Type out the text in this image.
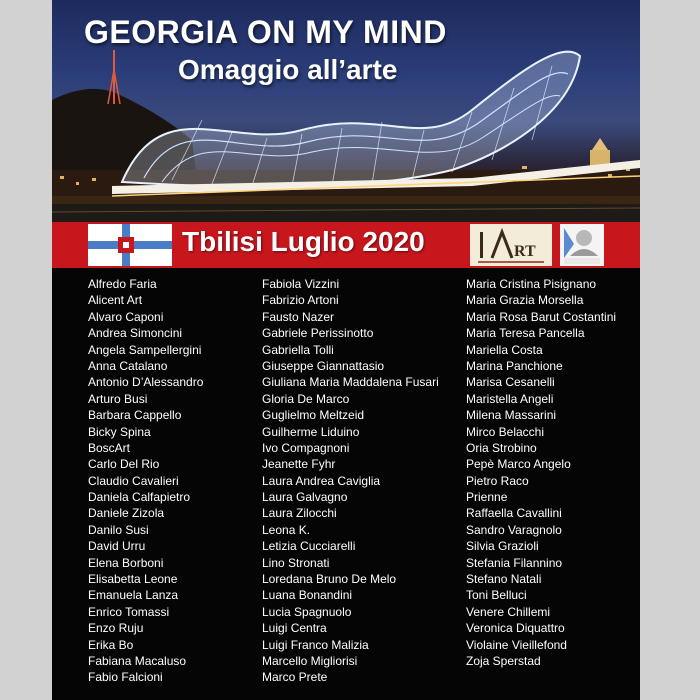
GEORGIA ON MY MIND
Omaggio all’arte
Tbilisi Luglio 2020	RT
Alfredo Faria
Alicent Art
Alvaro Caponi
Andrea Simoncini
Angela Sampellergini
Anna Catalano
Antonio D’Alessandro
Arturo Busi
Barbara Cappello
Bicky Spina
BoscArt
Carlo Del Rio
Claudio Cavalieri
Daniela Calfapietro
Daniele Zizola
Danilo Susi
David Urru
Elena Borboni
Elisabetta Leone
Emanuela Lanza
Enrico Tomassi
Enzo Ruju
Erika Bo
Fabiana Macaluso
Fabio Falcioni
Fabiola Vizzini
Fabrizio Artoni
Fausto Nazer
Gabriele Perissinotto
Gabriella Tolli
Giuseppe Giannattasio
Giuliana Maria Maddalena Fusari
Gloria De Marco
Guglielmo Meltzeid
Guilherme Liduino
Ivo Compagnoni
Jeanette Fyhr
Laura Andrea Caviglia
Laura Galvagno
Laura Zilocchi
Leona K.
Letizia Cucciarelli
Lino Stronati
Loredana Bruno De Melo
Luana Bonandini
Lucia Spagnuolo
Luigi Centra
Luigi Franco Malizia
Marcello Migliorisi
Marco Prete
Maria Cristina Pisignano
Maria Grazia Morsella
Maria Rosa Barut Costantini
Maria Teresa Pancella
Mariella Costa
Marina Panchione
Marisa Cesanelli
Maristella Angeli
Milena Massarini
Mirco Belacchi
Oria Strobino
Pepè Marco Angelo
Pietro Raco
Prienne
Raffaella Cavallini
Sandro Varagnolo
Silvia Grazioli
Stefania Filannino
Stefano Natali
Toni Belluci
Venere Chillemi
Veronica Diquattro
Violaine Vieillefond
Zoja Sperstad
